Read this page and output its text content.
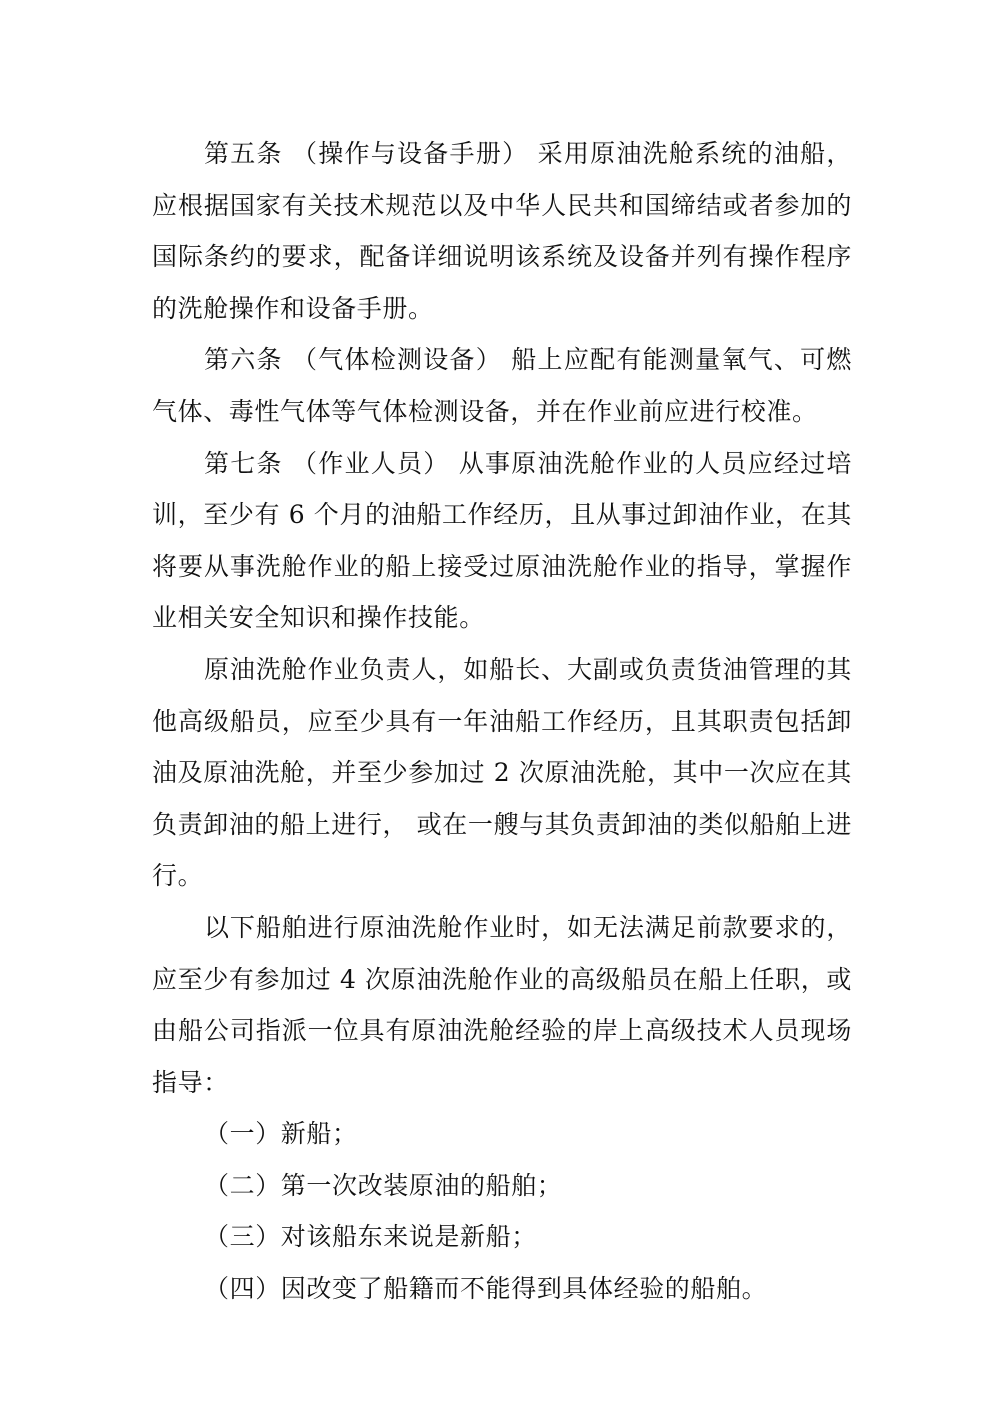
第五条 （操作与设备手册） 采用原油洗舱系统的油船，应根据国家有关技术规范以及中华人民共和国缔结或者参加的国际条约的要求，配备详细说明该系统及设备并列有操作程序的洗舱操作和设备手册。

第六条 （气体检测设备） 船上应配有能测量氧气、可燃气体、毒性气体等气体检测设备，并在作业前应进行校准。

第七条 （作业人员） 从事原油洗舱作业的人员应经过培训，至少有 6 个月的油船工作经历，且从事过卸油作业，在其将要从事洗舱作业的船上接受过原油洗舱作业的指导，掌握作业相关安全知识和操作技能。

原油洗舱作业负责人，如船长、大副或负责货油管理的其他高级船员，应至少具有一年油船工作经历，且其职责包括卸油及原油洗舱，并至少参加过 2 次原油洗舱，其中一次应在其负责卸油的船上进行， 或在一艘与其负责卸油的类似船舶上进行。

以下船舶进行原油洗舱作业时，如无法满足前款要求的，应至少有参加过 4 次原油洗舱作业的高级船员在船上任职，或由船公司指派一位具有原油洗舱经验的岸上高级技术人员现场指导：

（一）新船；

（二）第一次改装原油的船舶；

（三）对该船东来说是新船；

（四）因改变了船籍而不能得到具体经验的船舶。
